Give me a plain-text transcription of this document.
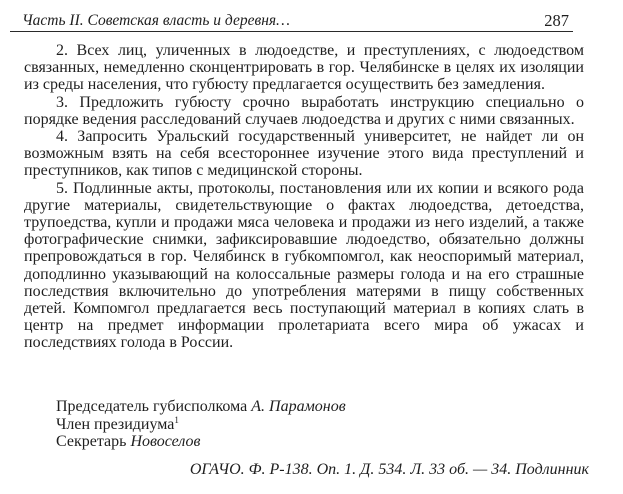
Часть II. Советская власть и деревня…	287

2. Всех лиц, уличенных в людоедстве, и преступлениях, с людоедством связанных, немедленно сконцентрировать в гор. Челябинске в целях их изоляции из среды населения, что губюсту предлагается осуществить без замедления.

3. Предложить губюсту срочно выработать инструкцию специально о порядке ведения расследований случаев людоедства и других с ними связанных.

4. Запросить Уральский государственный университет, не найдет ли он возможным взять на себя всестороннее изучение этого вида преступлений и преступников, как типов с медицинской стороны.

5. Подлинные акты, протоколы, постановления или их копии и всякого рода другие материалы, свидетельствующие о фактах людоедства, детоедства, трупоедства, купли и продажи мяса человека и продажи из него изделий, а также фотографические снимки, зафиксировавшие людоедство, обязательно должны препровождаться в гор. Челябинск в губкомпомгол, как неоспоримый материал, доподлинно указывающий на колоссальные размеры голода и на его страшные последствия включительно до употребления матерями в пищу собственных детей. Компомгол предлагается весь поступающий материал в копиях слать в центр на предмет информации пролетариата всего мира об ужасах и последствиях голода в России.

Председатель губисполкома А. Парамонов
Член президиума$^1$
Секретарь Новоселов
ОГАЧО. Ф. Р-138. Оп. 1. Д. 534. Л. 33 об. — 34. Подлинник
